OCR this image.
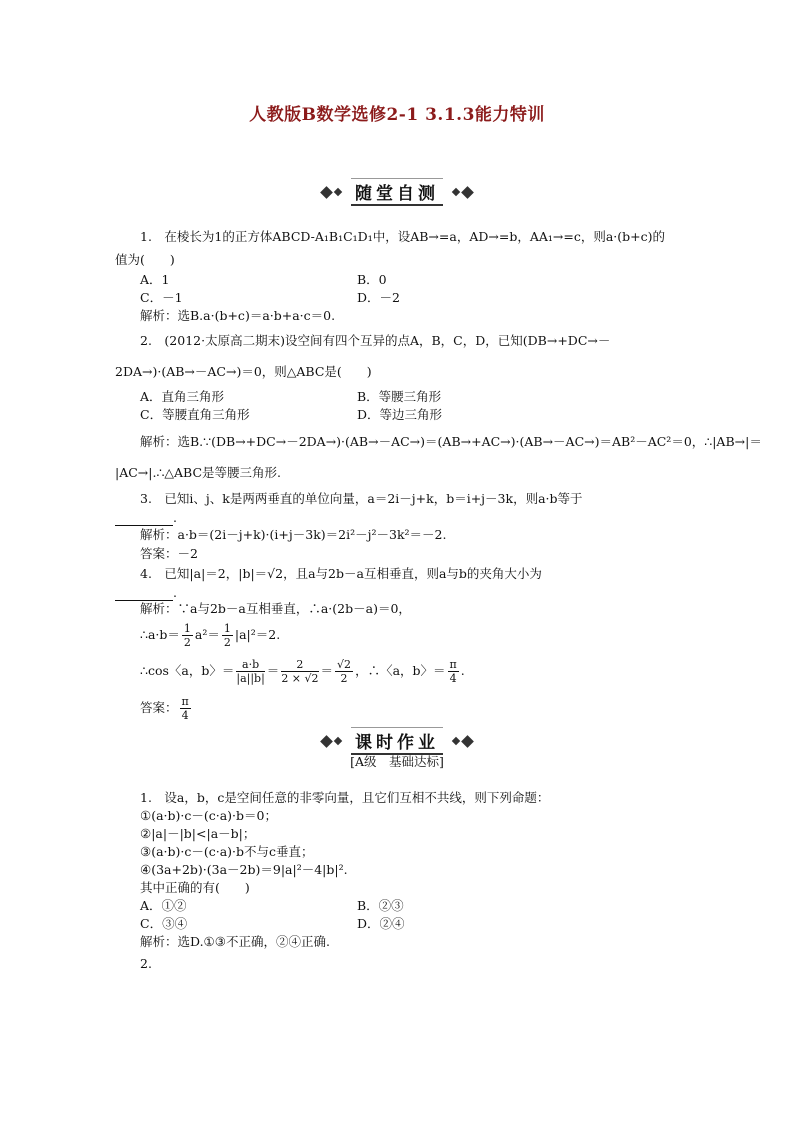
人教版B数学选修2-1 3.1.3能力特训
随堂自测
1.　在棱长为1的正方体ABCD-A₁B₁C₁D₁中，设AB→=a，AD→=b，AA₁→=c，则a·(b+c)的
值为(　　)
A．1	B．0
C．－1	D．－2
解析：选B.a·(b+c)＝a·b+a·c＝0.
2.　(2012·太原高二期末)设空间有四个互异的点A，B，C，D，已知(DB→+DC→－
2DA→)·(AB→－AC→)＝0，则△ABC是(　　)
A．直角三角形	B．等腰三角形
C．等腰直角三角形	D．等边三角形
解析：选B.∵(DB→+DC→－2DA→)·(AB→－AC→)＝(AB→+AC→)·(AB→－AC→)＝AB²－AC²＝0，∴|AB→|＝
|AC→|.∴△ABC是等腰三角形.
3.　已知i、j、k是两两垂直的单位向量，a＝2i－j+k，b＝i+j－3k，则a·b等于
.
解析：a·b＝(2i－j+k)·(i+j－3k)＝2i²－j²－3k²＝－2.
答案：－2
4.　已知|a|＝2，|b|＝√2，且a与2b－a互相垂直，则a与b的夹角大小为
.
解析：∵a与2b－a互相垂直，∴a·(2b－a)＝0，
∴a·b＝ $\frac{1}{2} a^2= \frac{1}{2} |a|^2=2$.
∴cos〈a，b〉＝ $\frac{a\cdot b}{|a||b|} = \frac{2}{2 \times √2} = \frac{√2}{2}$ ，∴〈a，b〉＝ $\frac{\pi}{4}$ .
答案： $\frac{\pi}{4}$
课时作业
[A级　基础达标]
1.　设a，b，c是空间任意的非零向量，且它们互相不共线，则下列命题：
①(a·b)·c－(c·a)·b＝0；
②|a|－|b|<|a－b|；
③(a·b)·c－(c·a)·b不与c垂直；
④(3a+2b)·(3a－2b)＝9|a|²－4|b|².
其中正确的有(　　)
A．①②	B．②③
C．③④	D．②④
解析：选D.①③不正确，②④正确.
2.
